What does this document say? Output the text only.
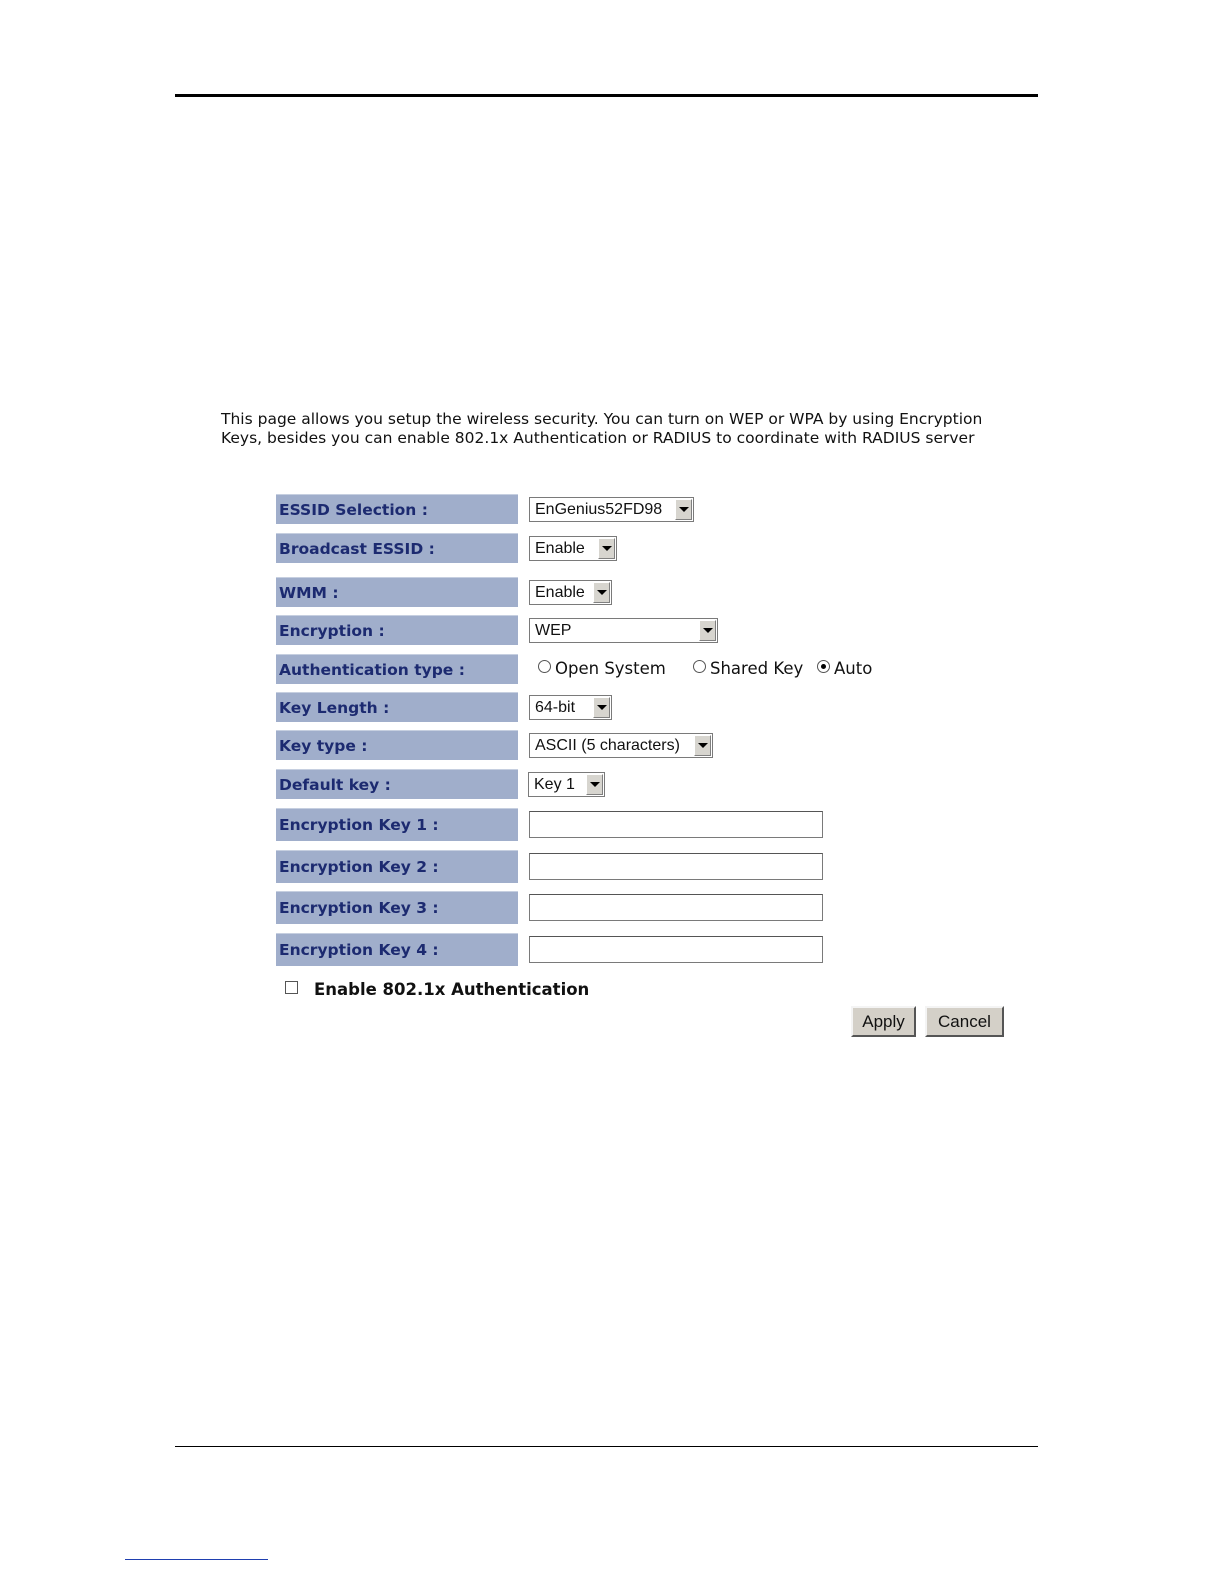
This page allows you setup the wireless security. You can turn on WEP or WPA by using Encryption Keys, besides you can enable 802.1x Authentication or RADIUS to coordinate with RADIUS server
ESSID Selection :	EnGenius52FD98
Broadcast ESSID :	Enable
WMM :	Enable
Encryption :	WEP
Authentication type :	Open System	Shared Key	Auto
Key Length :	64-bit
Key type :	ASCII (5 characters)
Default key :	Key 1
Encryption Key 1 :
Encryption Key 2 :
Encryption Key 3 :
Encryption Key 4 :
Enable 802.1x Authentication
Apply	Cancel
